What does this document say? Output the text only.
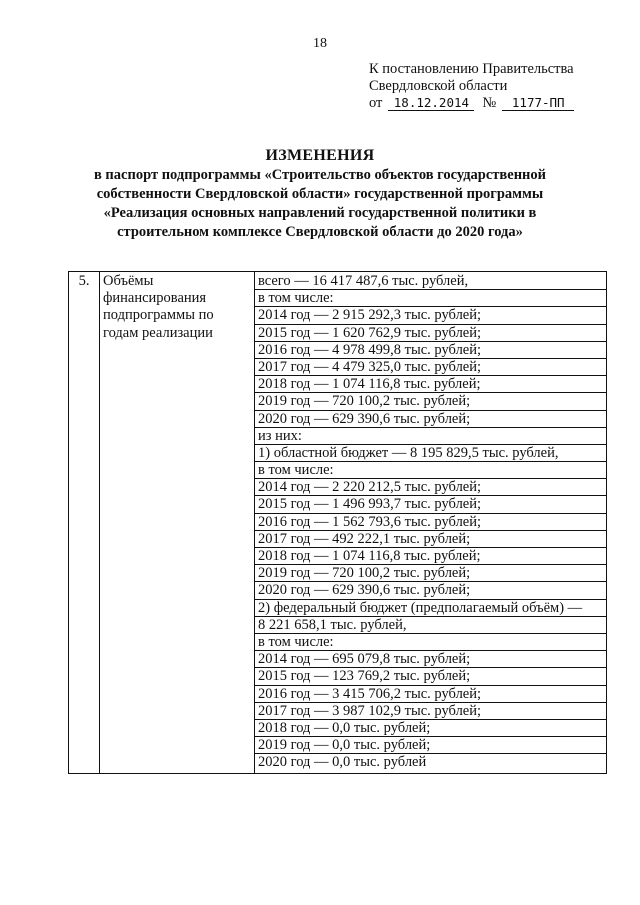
18
К постановлению Правительства
Свердловской области
от 18.12.2014 № 1177-ПП
ИЗМЕНЕНИЯ
в паспорт подпрограммы «Строительство объектов государственной
собственности Свердловской области» государственной программы
«Реализация основных направлений государственной политики в
строительном комплексе Свердловской области до 2020 года»
5. Объёмы
финансирования
подпрограммы по
годам реализации
всего — 16 417 487,6 тыс. рублей,
в том числе:
2014 год — 2 915 292,3 тыс. рублей;
2015 год — 1 620 762,9 тыс. рублей;
2016 год — 4 978 499,8 тыс. рублей;
2017 год — 4 479 325,0 тыс. рублей;
2018 год — 1 074 116,8 тыс. рублей;
2019 год — 720 100,2 тыс. рублей;
2020 год — 629 390,6 тыс. рублей;
из них:
1) областной бюджет — 8 195 829,5 тыс. рублей,
в том числе:
2014 год — 2 220 212,5 тыс. рублей;
2015 год — 1 496 993,7 тыс. рублей;
2016 год — 1 562 793,6 тыс. рублей;
2017 год — 492 222,1 тыс. рублей;
2018 год — 1 074 116,8 тыс. рублей;
2019 год — 720 100,2 тыс. рублей;
2020 год — 629 390,6 тыс. рублей;
2) федеральный бюджет (предполагаемый объём) —
8 221 658,1 тыс. рублей,
в том числе:
2014 год — 695 079,8 тыс. рублей;
2015 год — 123 769,2 тыс. рублей;
2016 год — 3 415 706,2 тыс. рублей;
2017 год — 3 987 102,9 тыс. рублей;
2018 год — 0,0 тыс. рублей;
2019 год — 0,0 тыс. рублей;
2020 год — 0,0 тыс. рублей
